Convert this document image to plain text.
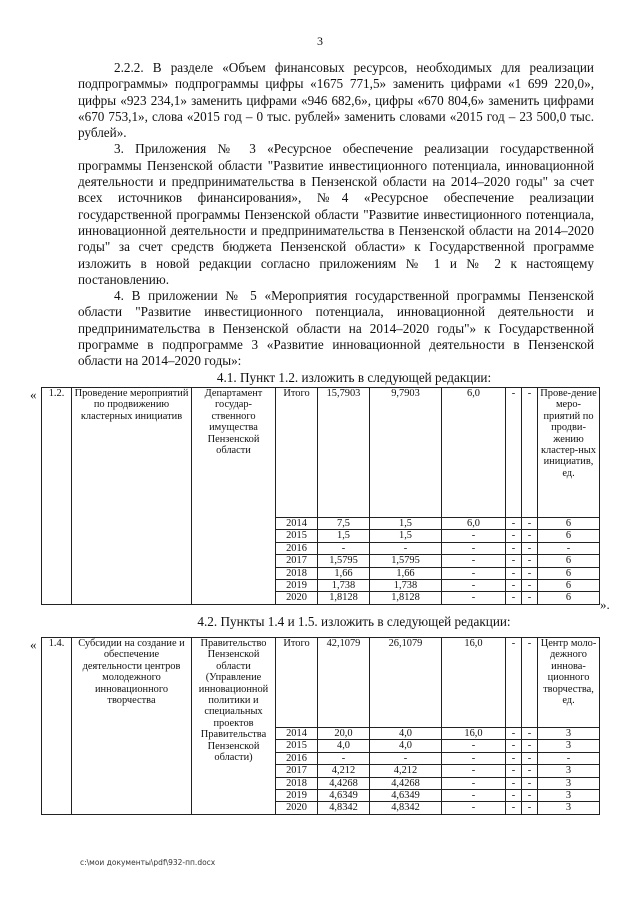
3

2.2.2. В разделе «Объем финансовых ресурсов, необходимых для реализации подпрограммы» подпрограммы цифры «1675 771,5» заменить цифрами «1 699 220,0», цифры «923 234,1» заменить цифрами «946 682,6», цифры «670 804,6» заменить цифрами «670 753,1», слова «2015 год – 0 тыс. рублей» заменить словами «2015 год – 23 500,0 тыс. рублей».

3. Приложения № 3 «Ресурсное обеспечение реализации государственной программы Пензенской области "Развитие инвестиционного потенциала, инновационной деятельности и предпринимательства в Пензенской области на 2014–2020 годы" за счет всех источников финансирования», №4 «Ресурсное обеспечение реализации государственной программы Пензенской области "Развитие инвестиционного потенциала, инновационной деятельности и предпринимательства в Пензенской области на 2014–2020 годы" за счет средств бюджета Пензенской области» к Государственной программе изложить в новой редакции согласно приложениям № 1 и № 2 к настоящему постановлению.

4. В приложении № 5 «Мероприятия государственной программы Пензенской области "Развитие инвестиционного потенциала, инновационной деятельности и предпринимательства в Пензенской области на 2014–2020 годы"» к Государственной программе в подпрограмме 3 «Развитие инновационной деятельности в Пензенской области на 2014–2020 годы»:

4.1. Пункт 1.2. изложить в следующей редакции:

« 1.2.	Проведение мероприятий по продвижению кластерных инициатив	Департамент государ-ственного имущества Пензенской области	Итого	15,7903	9,7903	6,0	-	-	Прове-дение меро-приятий по продви-жению кластер-ных инициатив, ед.
			2014	7,5	1,5	6,0	-	-	6
			2015	1,5	1,5	-	-	-	6
			2016	-	-	-	-	-	-
			2017	1,5795	1,5795	-	-	-	6
			2018	1,66	1,66	-	-	-	6
			2019	1,738	1,738	-	-	-	6
			2020	1,8128	1,8128	-	-	-	6 ».

4.2. Пункты 1.4 и 1.5. изложить в следующей редакции:

« 1.4.	Субсидии на создание и обеспечение деятельности центров молодежного инновационного творчества	Правительство Пензенской области (Управление инновационной политики и специальных проектов Правительства Пензенской области)	Итого	42,1079	26,1079	16,0	-	-	Центр моло-дежного иннова-ционного творчества, ед.
			2014	20,0	4,0	16,0	-	-	3
			2015	4,0	4,0	-	-	-	3
			2016	-	-	-	-	-	-
			2017	4,212	4,212	-	-	-	3
			2018	4,4268	4,4268	-	-	-	3
			2019	4,6349	4,6349	-	-	-	3
			2020	4,8342	4,8342	-	-	-	3
c:\мои документы\pdf\932-пп.docx
